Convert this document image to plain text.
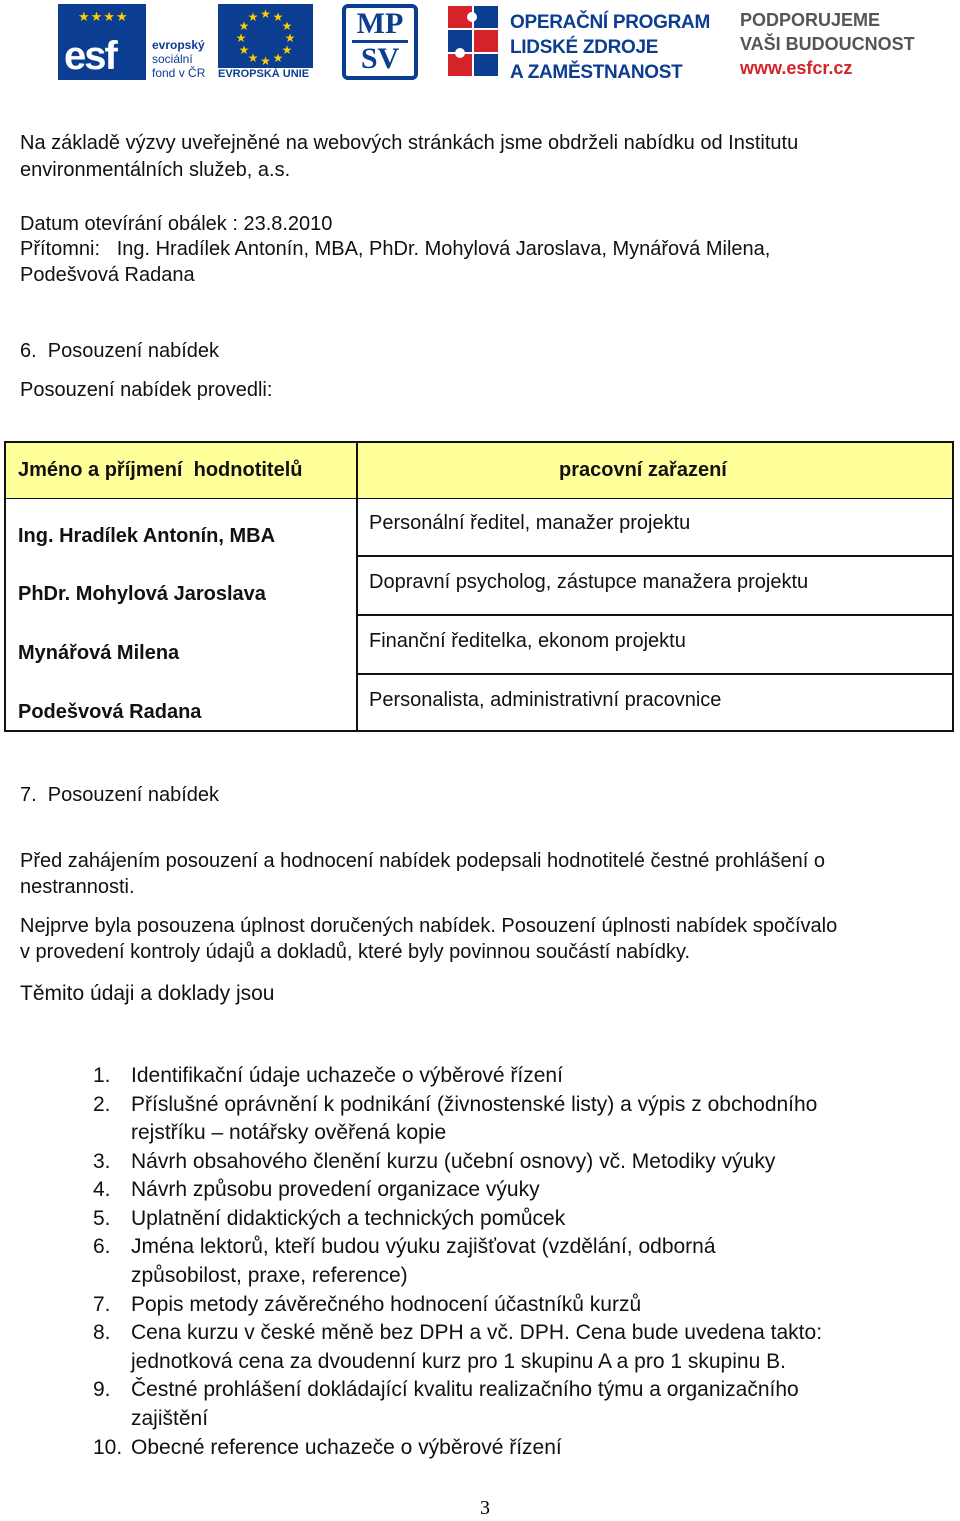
★★★★
esf	evropský
sociální
fond v ČR
★ ★
★
★
★
★
★
★
★
★
★
★
EVROPSKÁ UNIE
MP
SV
OPERAČNÍ PROGRAM
LIDSKÉ ZDROJE
A ZAMĚSTNANOST
PODPORUJEME
VAŠI BUDOUCNOST
www.esfcr.cz
Na základě výzvy uveřejněné na webových stránkách jsme obdrželi nabídku od Institutu
environmentálních služeb, a.s.
Datum otevírání obálek : 23.8.2010
Přítomni:   Ing. Hradílek Antonín, MBA, PhDr. Mohylová Jaroslava, Mynářová Milena,
Podešvová Radana
6.  Posouzení nabídek
Posouzení nabídek provedli:
Jméno a příjmení  hodnotitelů	pracovní zařazení
Ing. Hradílek Antonín, MBA
PhDr. Mohylová Jaroslava
Mynářová Milena
Podešvová Radana
Personální ředitel, manažer projektu
Dopravní psycholog, zástupce manažera projektu
Finanční ředitelka, ekonom projektu
Personalista, administrativní pracovnice
7.  Posouzení nabídek
Před zahájením posouzení a hodnocení nabídek podepsali hodnotitelé čestné prohlášení o
nestrannosti.
Nejprve byla posouzena úplnost doručených nabídek. Posouzení úplnosti nabídek spočívalo
v provedení kontroly údajů a dokladů, které byly povinnou součástí nabídky.
Těmito údaji a doklady jsou
1. Identifikační údaje uchazeče o výběrové řízení
2. Příslušné oprávnění k podnikání (živnostenské listy) a výpis z obchodního
rejstříku – notářsky ověřená kopie
3. Návrh obsahového členění kurzu (učební osnovy) vč. Metodiky výuky
4. Návrh způsobu provedení organizace výuky
5. Uplatnění didaktických a technických pomůcek
6. Jména lektorů, kteří budou výuku zajišťovat (vzdělání, odborná
způsobilost, praxe, reference)
7. Popis metody závěrečného hodnocení účastníků kurzů
8. Cena kurzu v české měně bez DPH a vč. DPH. Cena bude uvedena takto:
jednotková cena za dvoudenní kurz pro 1 skupinu A a pro 1 skupinu B.
9. Čestné prohlášení dokládající kvalitu realizačního týmu a organizačního
zajištění
10. Obecné reference uchazeče o výběrové řízení
3
